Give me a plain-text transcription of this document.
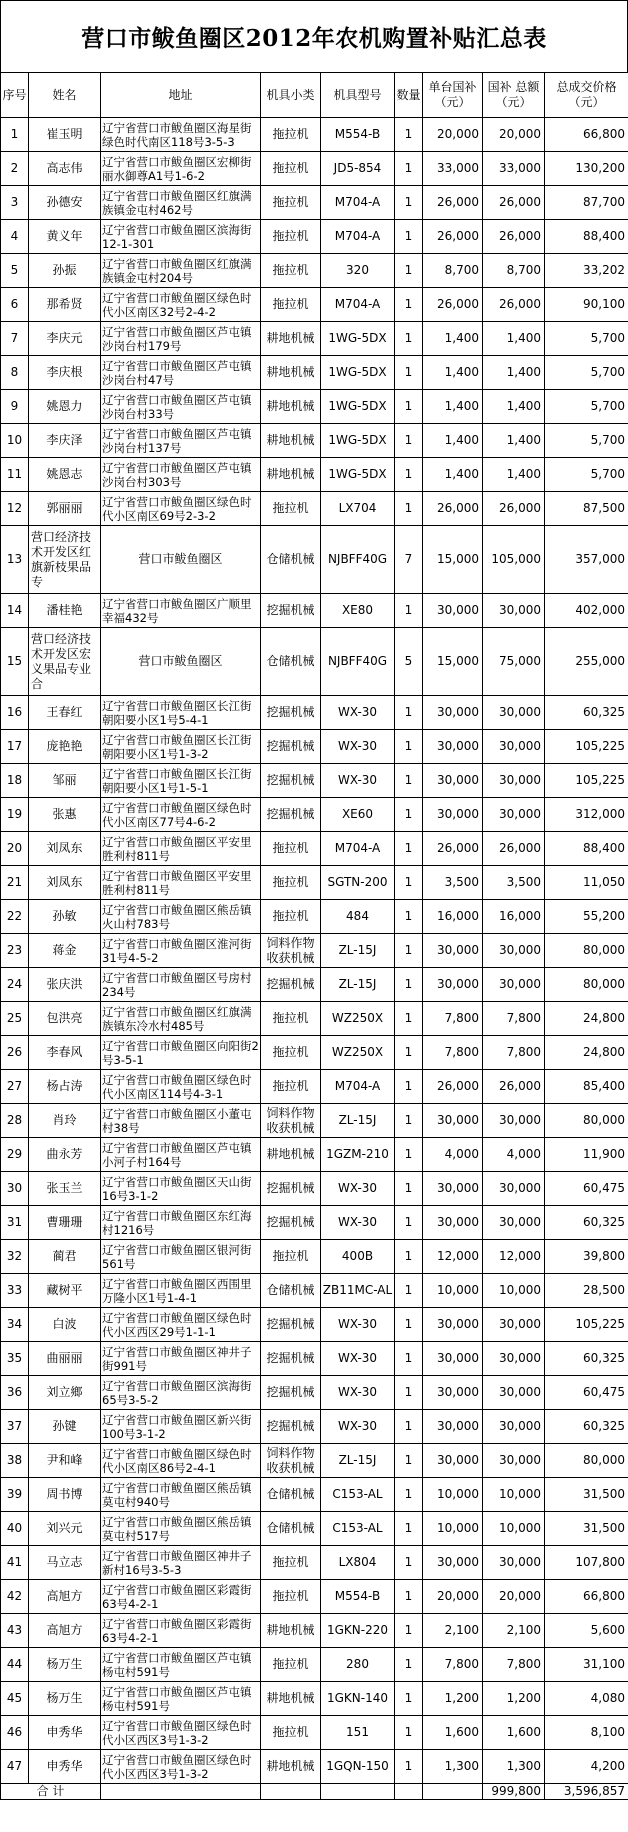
营口市鲅鱼圈区2012年农机购置补贴汇总表
序号	姓名	地址	机具小类	机具型号	数量	单台国补（元）	国补 总额（元）	总成交价格（元）
1	崔玉明	辽宁省营口市鲅鱼圈区海星街绿色时代南区118号3-5-3	拖拉机	M554-B	1	20,000	20,000	66,800
2	高志伟	辽宁省营口市鲅鱼圈区宏柳街丽水御尊A1号1-6-2	拖拉机	JD5-854	1	33,000	33,000	130,200
3	孙德安	辽宁省营口市鲅鱼圈区红旗满族镇金屯村462号	拖拉机	M704-A	1	26,000	26,000	87,700
4	黄义年	辽宁省营口市鲅鱼圈区滨海街12-1-301	拖拉机	M704-A	1	26,000	26,000	88,400
5	孙振	辽宁省营口市鲅鱼圈区红旗满族镇金屯村204号	拖拉机	320	1	8,700	8,700	33,202
6	那希贤	辽宁省营口市鲅鱼圈区绿色时代小区南区32号2-4-2	拖拉机	M704-A	1	26,000	26,000	90,100
7	李庆元	辽宁省营口市鲅鱼圈区芦屯镇沙岗台村179号	耕地机械	1WG-5DX	1	1,400	1,400	5,700
8	李庆根	辽宁省营口市鲅鱼圈区芦屯镇沙岗台村47号	耕地机械	1WG-5DX	1	1,400	1,400	5,700
9	姚恩力	辽宁省营口市鲅鱼圈区芦屯镇沙岗台村33号	耕地机械	1WG-5DX	1	1,400	1,400	5,700
10	李庆泽	辽宁省营口市鲅鱼圈区芦屯镇沙岗台村137号	耕地机械	1WG-5DX	1	1,400	1,400	5,700
11	姚恩志	辽宁省营口市鲅鱼圈区芦屯镇沙岗台村303号	耕地机械	1WG-5DX	1	1,400	1,400	5,700
12	郭丽丽	辽宁省营口市鲅鱼圈区绿色时代小区南区69号2-3-2	拖拉机	LX704	1	26,000	26,000	87,500
13	营口经济技术开发区红旗新枝果品专	营口市鲅鱼圈区	仓储机械	NJBFF40G	7	15,000	105,000	357,000
14	潘桂艳	辽宁省营口市鲅鱼圈区广顺里幸福432号	挖掘机械	XE80	1	30,000	30,000	402,000
15	营口经济技术开发区宏义果品专业合	营口市鲅鱼圈区	仓储机械	NJBFF40G	5	15,000	75,000	255,000
16	王春红	辽宁省营口市鲅鱼圈区长江街朝阳要小区1号5-4-1	挖掘机械	WX-30	1	30,000	30,000	60,325
17	庞艳艳	辽宁省营口市鲅鱼圈区长江街朝阳要小区1号1-3-2	挖掘机械	WX-30	1	30,000	30,000	105,225
18	邹丽	辽宁省营口市鲅鱼圈区长江街朝阳要小区1号1-5-1	挖掘机械	WX-30	1	30,000	30,000	105,225
19	张惠	辽宁省营口市鲅鱼圈区绿色时代小区南区77号4-6-2	挖掘机械	XE60	1	30,000	30,000	312,000
20	刘凤东	辽宁省营口市鲅鱼圈区平安里胜利村811号	拖拉机	M704-A	1	26,000	26,000	88,400
21	刘凤东	辽宁省营口市鲅鱼圈区平安里胜利村811号	拖拉机	SGTN-200	1	3,500	3,500	11,050
22	孙敏	辽宁省营口市鲅鱼圈区熊岳镇火山村783号	拖拉机	484	1	16,000	16,000	55,200
23	蒋金	辽宁省营口市鲅鱼圈区淮河街31号4-5-2	饲料作物收获机械	ZL-15J	1	30,000	30,000	80,000
24	张庆洪	辽宁省营口市鲅鱼圈区号房村234号	挖掘机械	ZL-15J	1	30,000	30,000	80,000
25	包洪亮	辽宁省营口市鲅鱼圈区红旗满族镇东冷水村485号	拖拉机	WZ250X	1	7,800	7,800	24,800
26	李春风	辽宁省营口市鲅鱼圈区向阳街2号3-5-1	拖拉机	WZ250X	1	7,800	7,800	24,800
27	杨占涛	辽宁省营口市鲅鱼圈区绿色时代小区南区114号4-3-1	拖拉机	M704-A	1	26,000	26,000	85,400
28	肖玲	辽宁省营口市鲅鱼圈区小董屯村38号	饲料作物收获机械	ZL-15J	1	30,000	30,000	80,000
29	曲永芳	辽宁省营口市鲅鱼圈区芦屯镇小河子村164号	耕地机械	1GZM-210	1	4,000	4,000	11,900
30	张玉兰	辽宁省营口市鲅鱼圈区天山街16号3-1-2	挖掘机械	WX-30	1	30,000	30,000	60,475
31	曹珊珊	辽宁省营口市鲅鱼圈区东红海村1216号	挖掘机械	WX-30	1	30,000	30,000	60,325
32	蔺君	辽宁省营口市鲅鱼圈区银河街561号	拖拉机	400B	1	12,000	12,000	39,800
33	藏树平	辽宁省营口市鲅鱼圈区西围里万隆小区1号1-4-1	仓储机械	ZB11MC-AL	1	10,000	10,000	28,500
34	白波	辽宁省营口市鲅鱼圈区绿色时代小区西区29号1-1-1	挖掘机械	WX-30	1	30,000	30,000	105,225
35	曲丽丽	辽宁省营口市鲅鱼圈区神井子街991号	挖掘机械	WX-30	1	30,000	30,000	60,325
36	刘立鄉	辽宁省营口市鲅鱼圈区滨海街65号3-5-2	挖掘机械	WX-30	1	30,000	30,000	60,475
37	孙键	辽宁省营口市鲅鱼圈区新兴街100号3-1-2	挖掘机械	WX-30	1	30,000	30,000	60,325
38	尹和峰	辽宁省营口市鲅鱼圈区绿色时代小区南区86号2-4-1	饲料作物收获机械	ZL-15J	1	30,000	30,000	80,000
39	周书博	辽宁省营口市鲅鱼圈区熊岳镇莫屯村940号	仓储机械	C153-AL	1	10,000	10,000	31,500
40	刘兴元	辽宁省营口市鲅鱼圈区熊岳镇莫屯村517号	仓储机械	C153-AL	1	10,000	10,000	31,500
41	马立志	辽宁省营口市鲅鱼圈区神井子新村16号3-5-3	拖拉机	LX804	1	30,000	30,000	107,800
42	高旭方	辽宁省营口市鲅鱼圈区彩霞街63号4-2-1	拖拉机	M554-B	1	20,000	20,000	66,800
43	高旭方	辽宁省营口市鲅鱼圈区彩霞街63号4-2-1	耕地机械	1GKN-220	1	2,100	2,100	5,600
44	杨万生	辽宁省营口市鲅鱼圈区芦屯镇杨屯村591号	拖拉机	280	1	7,800	7,800	31,100
45	杨万生	辽宁省营口市鲅鱼圈区芦屯镇杨屯村591号	耕地机械	1GKN-140	1	1,200	1,200	4,080
46	申秀华	辽宁省营口市鲅鱼圈区绿色时代小区西区3号1-3-2	拖拉机	151	1	1,600	1,600	8,100
47	申秀华	辽宁省营口市鲅鱼圈区绿色时代小区西区3号1-3-2	耕地机械	1GQN-150	1	1,300	1,300	4,200
合 计							999,800	3,596,857
